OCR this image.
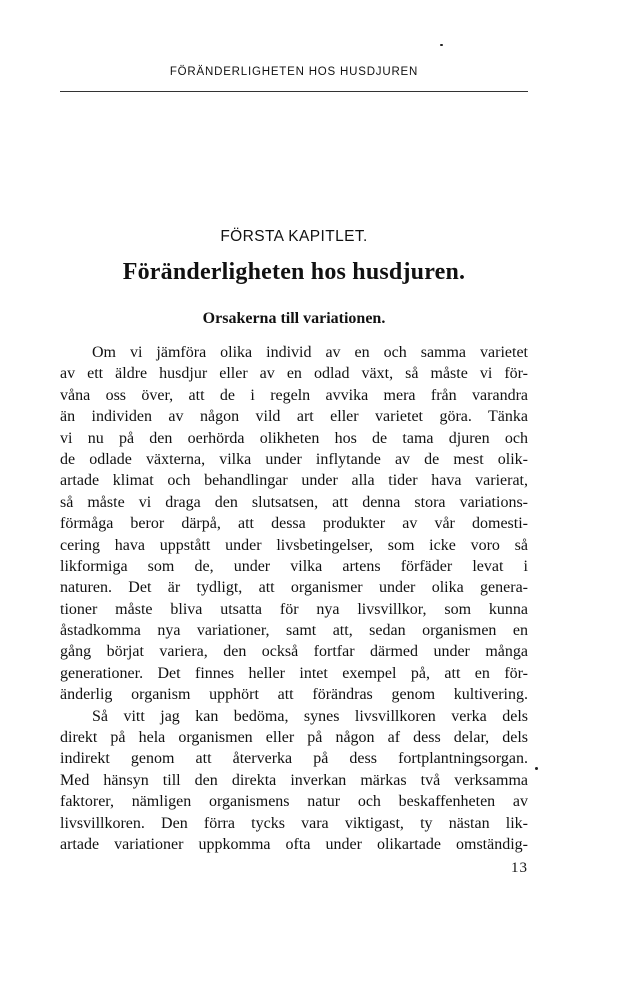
FÖRÄNDERLIGHETEN HOS HUSDJUREN
FÖRSTA KAPITLET.
Föränderligheten hos husdjuren.
Orsakerna till variationen.
Om vi jämföra olika individ av en och samma varietet
av ett äldre husdjur eller av en odlad växt, så måste vi för-
våna oss över, att de i regeln avvika mera från varandra
än individen av någon vild art eller varietet göra. Tänka
vi nu på den oerhörda olikheten hos de tama djuren och
de odlade växterna, vilka under inflytande av de mest olik-
artade klimat och behandlingar under alla tider hava varierat,
så måste vi draga den slutsatsen, att denna stora variations-
förmåga beror därpå, att dessa produkter av vår domesti-
cering hava uppstått under livsbetingelser, som icke voro så
likformiga som de, under vilka artens förfäder levat i
naturen. Det är tydligt, att organismer under olika genera-
tioner måste bliva utsatta för nya livsvillkor, som kunna
åstadkomma nya variationer, samt att, sedan organismen en
gång börjat variera, den också fortfar därmed under många
generationer. Det finnes heller intet exempel på, att en för-
änderlig organism upphört att förändras genom kultivering.
Så vitt jag kan bedöma, synes livsvillkoren verka dels
direkt på hela organismen eller på någon af dess delar, dels
indirekt genom att återverka på dess fortplantningsorgan.
Med hänsyn till den direkta inverkan märkas två verksamma
faktorer, nämligen organismens natur och beskaffenheten av
livsvillkoren. Den förra tycks vara viktigast, ty nästan lik-
artade variationer uppkomma ofta under olikartade omständig-
13
